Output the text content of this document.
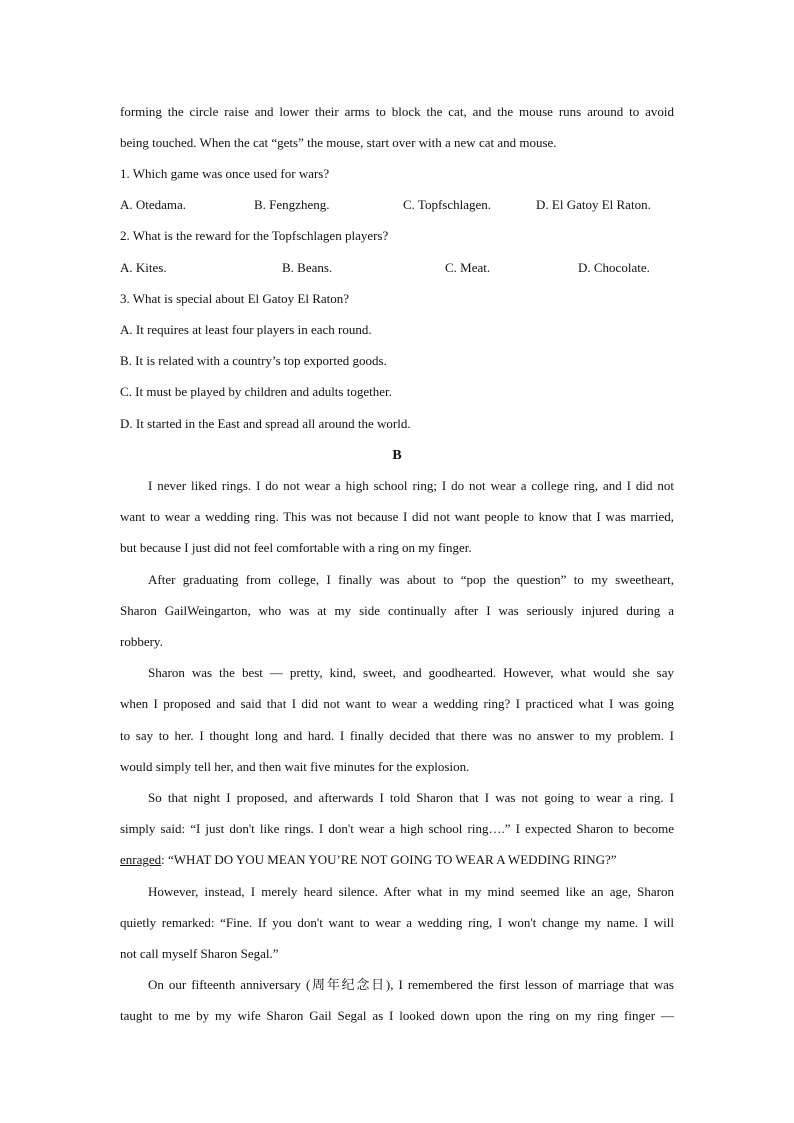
forming the circle raise and lower their arms to block the cat, and the mouse runs around to avoid
being touched. When the cat “gets” the mouse, start over with a new cat and mouse.
1. Which game was once used for wars?
A. Otedama.	B. Fengzheng.	C. Topfschlagen.	D. El Gatoy El Raton.
2. What is the reward for the Topfschlagen players?
A. Kites.	B. Beans.	C. Meat.	D. Chocolate.
3. What is special about El Gatoy El Raton?
A. It requires at least four players in each round.
B. It is related with a country’s top exported goods.
C. It must be played by children and adults together.
D. It started in the East and spread all around the world.
B
I never liked rings. I do not wear a high school ring; I do not wear a college ring, and I did not
want to wear a wedding ring. This was not because I did not want people to know that I was married,
but because I just did not feel comfortable with a ring on my finger.
After graduating from college, I finally was about to “pop the question” to my sweetheart,
Sharon GailWeingarton, who was at my side continually after I was seriously injured during a
robbery.
Sharon was the best — pretty, kind, sweet, and goodhearted. However, what would she say
when I proposed and said that I did not want to wear a wedding ring? I practiced what I was going
to say to her. I thought long and hard. I finally decided that there was no answer to my problem. I
would simply tell her, and then wait five minutes for the explosion.
So that night I proposed, and afterwards I told Sharon that I was not going to wear a ring. I
simply said: “I just don't like rings. I don't wear a high school ring….” I expected Sharon to become
enraged: “WHAT DO YOU MEAN YOU’RE NOT GOING TO WEAR A WEDDING RING?”
However, instead, I merely heard silence. After what in my mind seemed like an age, Sharon
quietly remarked: “Fine. If you don't want to wear a wedding ring, I won't change my name. I will
not call myself Sharon Segal.”
On our fifteenth anniversary (周年纪念日), I remembered the first lesson of marriage that was
taught to me by my wife Sharon Gail Segal as I looked down upon the ring on my ring finger —
